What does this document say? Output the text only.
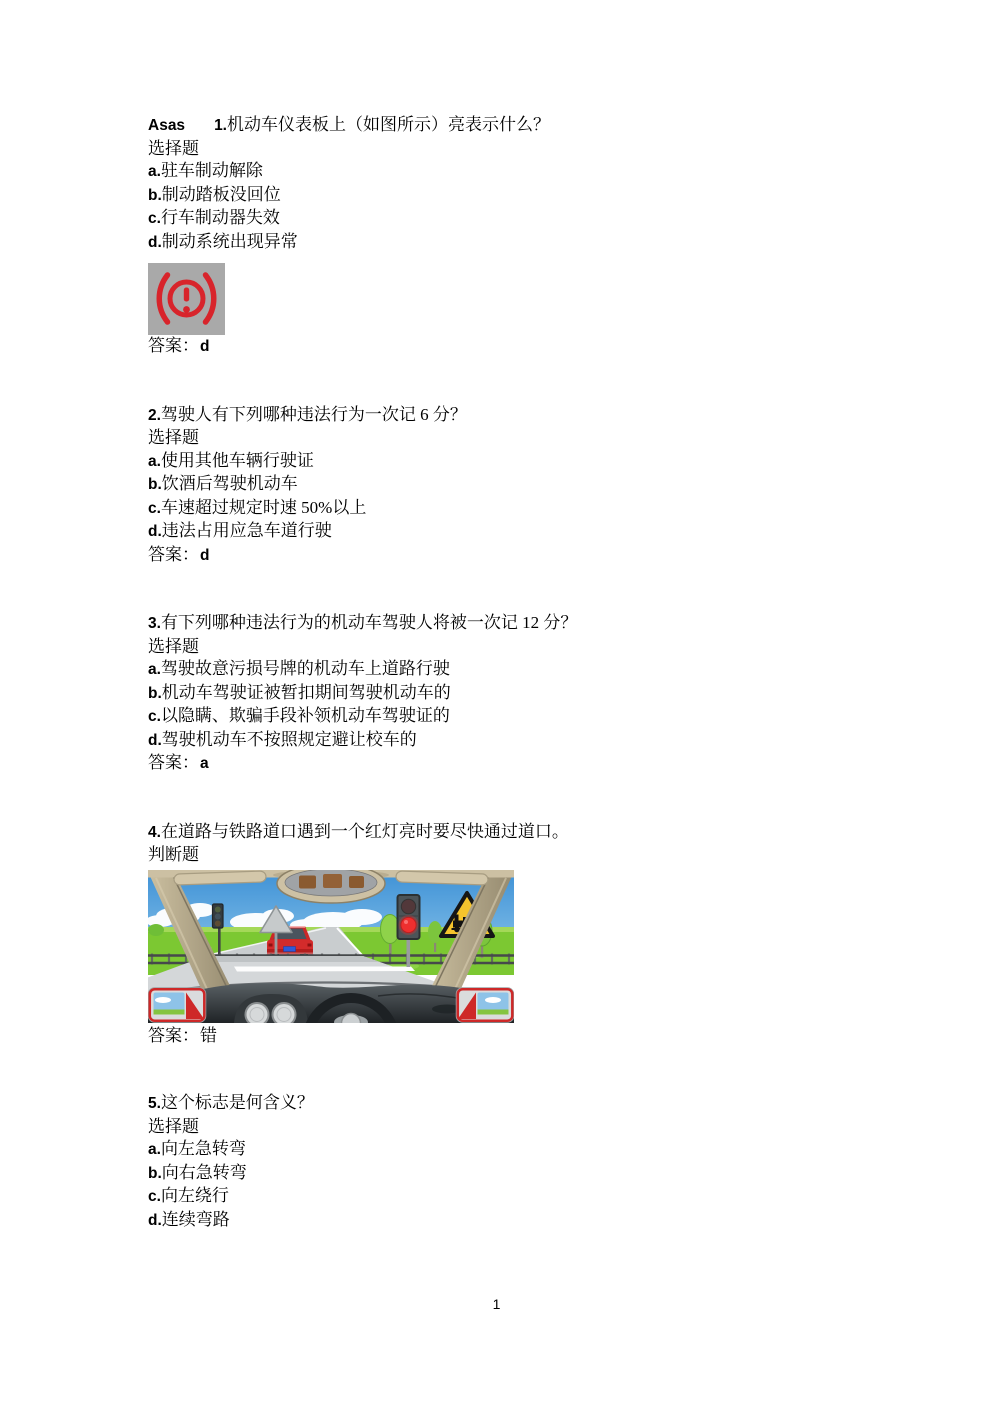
Asas 1.机动车仪表板上（如图所示）亮表示什么？
选择题
a.驻车制动解除
b.制动踏板没回位
c.行车制动器失效
d.制动系统出现异常
答案：d
2.驾驶人有下列哪种违法行为一次记 6 分？
选择题
a.使用其他车辆行驶证
b.饮酒后驾驶机动车
c.车速超过规定时速 50%以上
d.违法占用应急车道行驶
答案：d
3.有下列哪种违法行为的机动车驾驶人将被一次记 12 分？
选择题
a.驾驶故意污损号牌的机动车上道路行驶
b.机动车驾驶证被暂扣期间驾驶机动车的
c.以隐瞒、欺骗手段补领机动车驾驶证的
d.驾驶机动车不按照规定避让校车的
答案：a
4.在道路与铁路道口遇到一个红灯亮时要尽快通过道口。
判断题
答案：错
5.这个标志是何含义？
选择题
a.向左急转弯
b.向右急转弯
c.向左绕行
d.连续弯路
1
